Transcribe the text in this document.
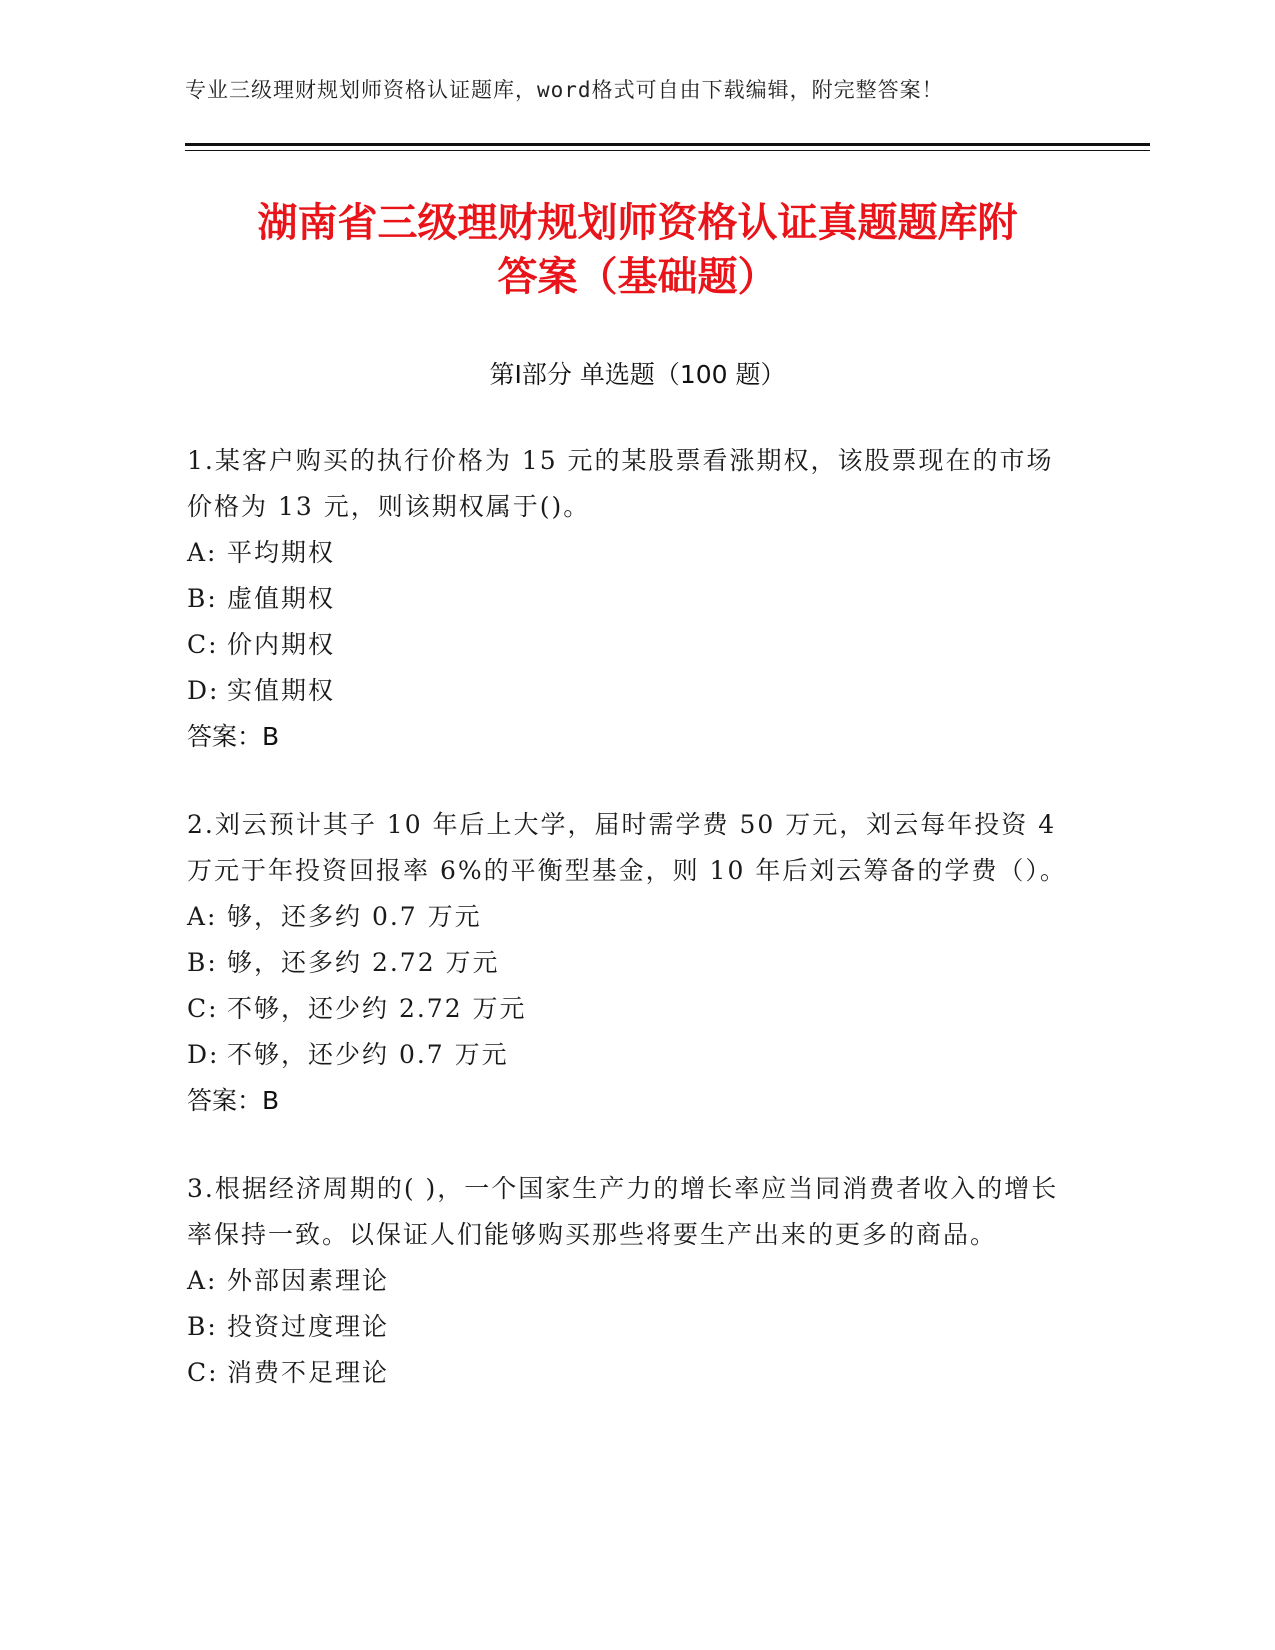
专业三级理财规划师资格认证题库，word格式可自由下载编辑，附完整答案！
湖南省三级理财规划师资格认证真题题库附
答案（基础题）
第Ⅰ部分 单选题（100 题）
1.某客户购买的执行价格为 15 元的某股票看涨期权，该股票现在的市场价格为 13 元，则该期权属于()。
A: 平均期权
B: 虚值期权
C: 价内期权
D: 实值期权
答案：B
2.刘云预计其子 10 年后上大学，届时需学费 50 万元，刘云每年投资 4 万元于年投资回报率 6%的平衡型基金，则 10 年后刘云筹备的学费（）。
A: 够，还多约 0.7 万元
B: 够，还多约 2.72 万元
C: 不够，还少约 2.72 万元
D: 不够，还少约 0.7 万元
答案：B
3.根据经济周期的( )，一个国家生产力的增长率应当同消费者收入的增长率保持一致。以保证人们能够购买那些将要生产出来的更多的商品。
A: 外部因素理论
B: 投资过度理论
C: 消费不足理论
